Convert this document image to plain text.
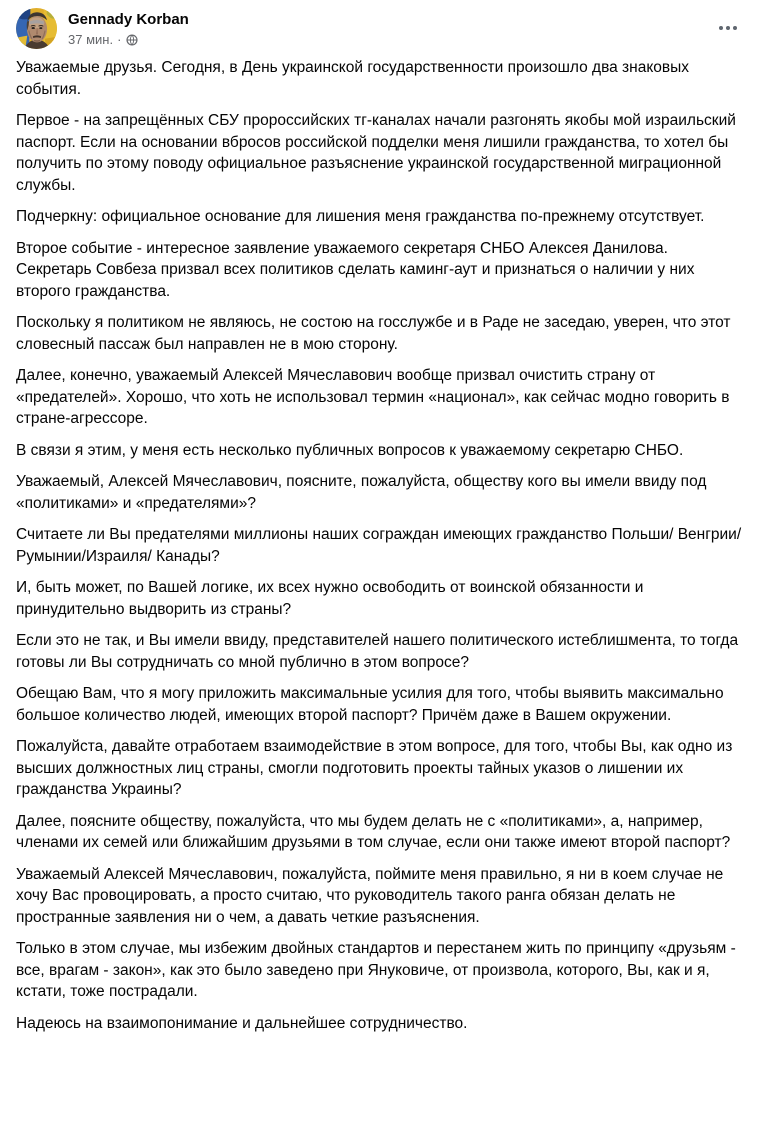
Gennady Korban
37 мин. ·

Уважаемые друзья. Сегодня, в День украинской государственности произошло два знаковых события.

Первое - на запрещённых СБУ пророссийских тг-каналах начали разгонять якобы мой израильский паспорт. Если на основании вбросов российской подделки меня лишили гражданства, то хотел бы получить по этому поводу официальное разъяснение украинской государственной миграционной службы.

Подчеркну: официальное основание для лишения меня гражданства по-прежнему отсутствует.

Второе событие - интересное заявление уважаемого секретаря СНБО Алексея Данилова. Секретарь Совбеза призвал всех политиков сделать каминг-аут и признаться о наличии у них второго гражданства.

Поскольку я политиком не являюсь, не состою на госслужбе и в Раде не заседаю, уверен, что этот словесный пассаж был направлен не в мою сторону.

Далее, конечно, уважаемый Алексей Мячеславович вообще призвал очистить страну от «предателей». Хорошо, что хоть не использовал термин «национал», как сейчас модно говорить в стране-агрессоре.

В связи я этим, у меня есть несколько публичных вопросов к уважаемому секретарю СНБО.

Уважаемый, Алексей Мячеславович, поясните, пожалуйста, обществу кого вы имели ввиду под «политиками» и «предателями»?

Считаете ли Вы предателями миллионы наших сограждан имеющих гражданство Польши/ Венгрии/Румынии/Израиля/ Канады?

И, быть может, по Вашей логике, их всех нужно освободить от воинской обязанности и принудительно выдворить из страны?

Если это не так, и Вы имели ввиду, представителей нашего политического истеблишмента, то тогда готовы ли Вы сотрудничать со мной публично в этом вопросе?

Обещаю Вам, что я могу приложить максимальные усилия для того, чтобы выявить максимально большое количество людей, имеющих второй паспорт? Причём даже в Вашем окружении.

Пожалуйста, давайте отработаем взаимодействие в этом вопросе, для того, чтобы Вы, как одно из высших должностных лиц страны, смогли подготовить проекты тайных указов о лишении их гражданства Украины?

Далее, поясните обществу, пожалуйста, что мы будем делать не с «политиками», а, например, членами их семей или ближайшим друзьями в том случае, если они также имеют второй паспорт?

Уважаемый Алексей Мячеславович, пожалуйста, поймите меня правильно, я ни в коем случае не хочу Вас провоцировать, а просто считаю, что руководитель такого ранга обязан делать не пространные заявления ни о чем, а давать четкие разъяснения.

Только в этом случае, мы избежим двойных стандартов и перестанем жить по принципу «друзьям - все, врагам - закон», как это было заведено при Януковиче, от произвола, которого, Вы, как и я, кстати, тоже пострадали.

Надеюсь на взаимопонимание и дальнейшее сотрудничество.
